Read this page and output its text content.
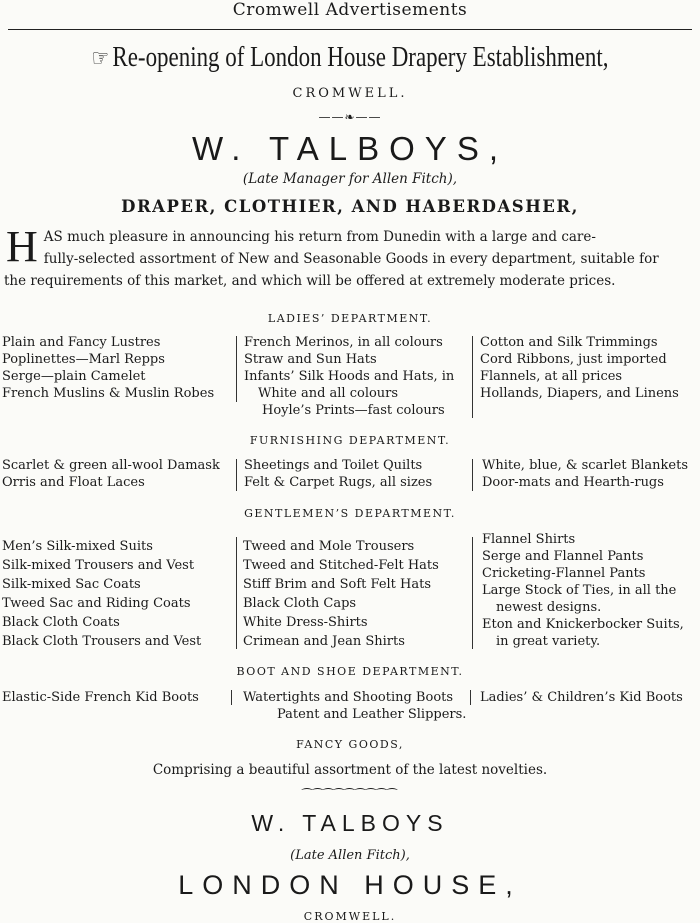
Cromwell Advertisements
☞ Re-opening of London House Drapery Establishment,
CROMWELL.
——❧——
W. TALBOYS,
(Late Manager for Allen Fitch),
DRAPER, CLOTHIER, AND HABERDASHER,
H AS much pleasure in announcing his return from Dunedin with a large and care-

fully-selected assortment of New and Seasonable Goods in every department, suitable for

the requirements of this market, and which will be offered at extremely moderate prices.

LADIES’ DEPARTMENT.
Plain and Fancy Lustres
Poplinettes—Marl Repps
Serge—plain Camelet
French Muslins & Muslin Robes
French Merinos, in all colours
Straw and Sun Hats
Infants’ Silk Hoods and Hats, in
White and all colours
Hoyle’s Prints—fast colours
Cotton and Silk Trimmings
Cord Ribbons, just imported
Flannels, at all prices
Hollands, Diapers, and Linens
FURNISHING DEPARTMENT.
Scarlet & green all-wool Damask
Orris and Float Laces
Sheetings and Toilet Quilts
Felt & Carpet Rugs, all sizes
White, blue, & scarlet Blankets
Door-mats and Hearth-rugs
GENTLEMEN’S DEPARTMENT.
Men’s Silk-mixed Suits
Silk-mixed Trousers and Vest
Silk-mixed Sac Coats
Tweed Sac and Riding Coats
Black Cloth Coats
Black Cloth Trousers and Vest
Tweed and Mole Trousers
Tweed and Stitched-Felt Hats
Stiff Brim and Soft Felt Hats
Black Cloth Caps
White Dress-Shirts
Crimean and Jean Shirts
Flannel Shirts
Serge and Flannel Pants
Cricketing-Flannel Pants
Large Stock of Ties, in all the
newest designs.
Eton and Knickerbocker Suits,
in great variety.
BOOT AND SHOE DEPARTMENT.
Elastic-Side French Kid Boots	Watertights and Shooting Boots
Patent and Leather Slippers.
Ladies’ & Children’s Kid Boots
FANCY GOODS,
Comprising a beautiful assortment of the latest novelties.
⁀⁀⁀⁀⁀⁀⁀⁀⁀
W. TALBOYS
(Late Allen Fitch),
LONDON HOUSE,
CROMWELL.
